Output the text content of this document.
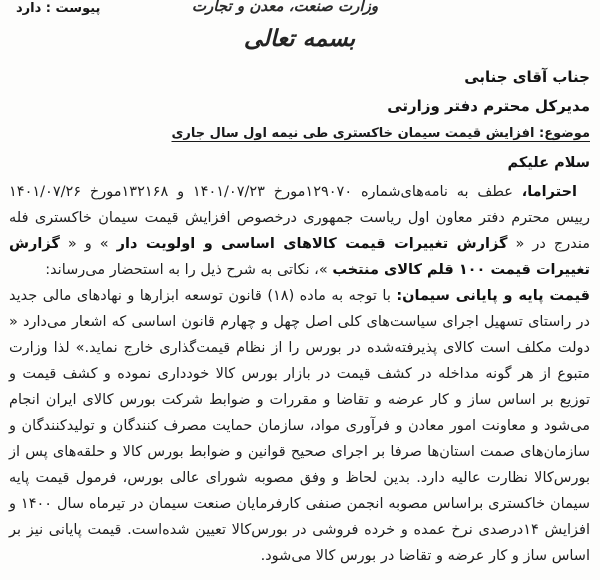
وزارت صنعت، معدن و تجارت
پیوست : دارد
بسمه تعالی
جناب آقای جنابی
مدیرکل محترم دفتر وزارتی
موضوع: افزایش قیمت سیمان خاکستری طی نیمه اول سال جاری
سلام علیکم

احتراما، عطف به نامه‌های‌شماره ۱۲۹۰۷۰مورخ ۱۴۰۱/۰۷/۲۳ و ۱۳۲۱۶۸مورخ ۱۴۰۱/۰۷/۲۶ رییس محترم دفتر معاون اول ریاست جمهوری درخصوص افزایش قیمت سیمان خاکستری فله مندرج در « گزارش تغییرات قیمت کالاهای اساسی و اولویت دار » و « گزارش تغییرات قیمت ۱۰۰ قلم کالای منتخب »، نکاتی به شرح ذیل را به استحضار می‌رساند:

قیمت پایه و پایانی سیمان: با توجه به ماده (۱۸) قانون توسعه ابزارها و نهادهای مالی جدید در راستای تسهیل اجرای سیاست‌های کلی اصل چهل و چهارم قانون اساسی که اشعار می‌دارد « دولت مکلف است کالای پذیرفته‌شده در بورس را از نظام قیمت‌گذاری خارج نماید.» لذا وزارت متبوع از هر گونه مداخله در کشف قیمت در بازار بورس کالا خودداری نموده و کشف قیمت و توزیع بر اساس ساز و کار عرضه و تقاضا و مقررات و ضوابط شرکت بورس کالای ایران انجام می‌شود و معاونت امور معادن و فرآوری مواد، سازمان حمایت مصرف کنندگان و تولیدکنندگان و سازمان‌های صمت استان‌ها صرفا بر اجرای صحیح قوانین و ضوابط بورس کالا و حلقه‌های پس از بورس‌کالا نظارت عالیه دارد. بدین لحاظ و وفق مصوبه شورای عالی بورس، فرمول قیمت پایه سیمان خاکستری براساس مصوبه انجمن صنفی کارفرمایان صنعت سیمان در تیرماه سال ۱۴۰۰ و افزایش ۱۴درصدی نرخ عمده و خرده فروشی در بورس‌کالا تعیین شده‌است. قیمت پایانی نیز بر اساس ساز و کار عرضه و تقاضا در بورس کالا می‌شود.
